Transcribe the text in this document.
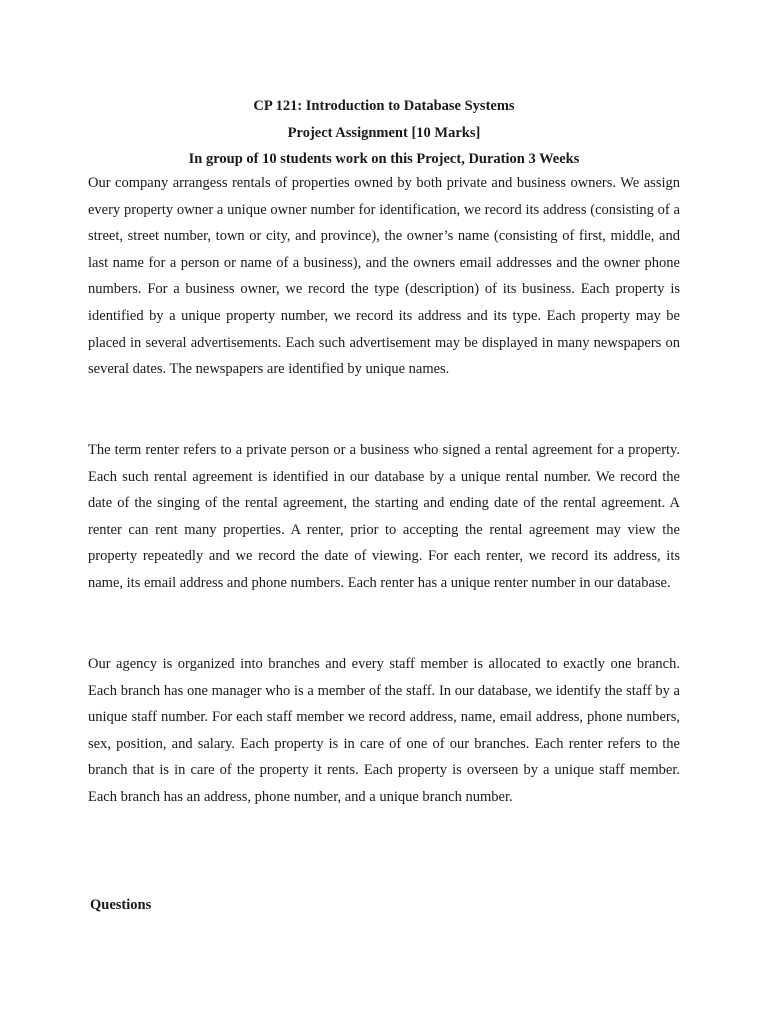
CP 121: Introduction to Database Systems

Project Assignment [10 Marks]

In group of 10 students work on this Project, Duration 3 Weeks

Our company arrangess rentals of properties owned by both private and business owners. We assign every property owner a unique owner number for identification, we record its address (consisting of a street, street number, town or city, and province), the owner’s name (consisting of first, middle, and last name for a person or name of a business), and the owners email addresses and the owner phone numbers. For a business owner, we record the type (description) of its business. Each property is identified by a unique property number, we record its address and its type. Each property may be placed in several advertisements. Each such advertisement may be displayed in many newspapers on several dates. The newspapers are identified by unique names.

The term renter refers to a private person or a business who signed a rental agreement for a property. Each such rental agreement is identified in our database by a unique rental number. We record the date of the singing of the rental agreement, the starting and ending date of the rental agreement. A renter can rent many properties. A renter, prior to accepting the rental agreement may view the property repeatedly and we record the date of viewing. For each renter, we record its address, its name, its email address and phone numbers. Each renter has a unique renter number in our database.

Our agency is organized into branches and every staff member is allocated to exactly one branch. Each branch has one manager who is a member of the staff. In our database, we identify the staff by a unique staff number. For each staff member we record address, name, email address, phone numbers, sex, position, and salary. Each property is in care of one of our branches. Each renter refers to the branch that is in care of the property it rents. Each property is overseen by a unique staff member. Each branch has an address, phone number, and a unique branch number.

Questions
